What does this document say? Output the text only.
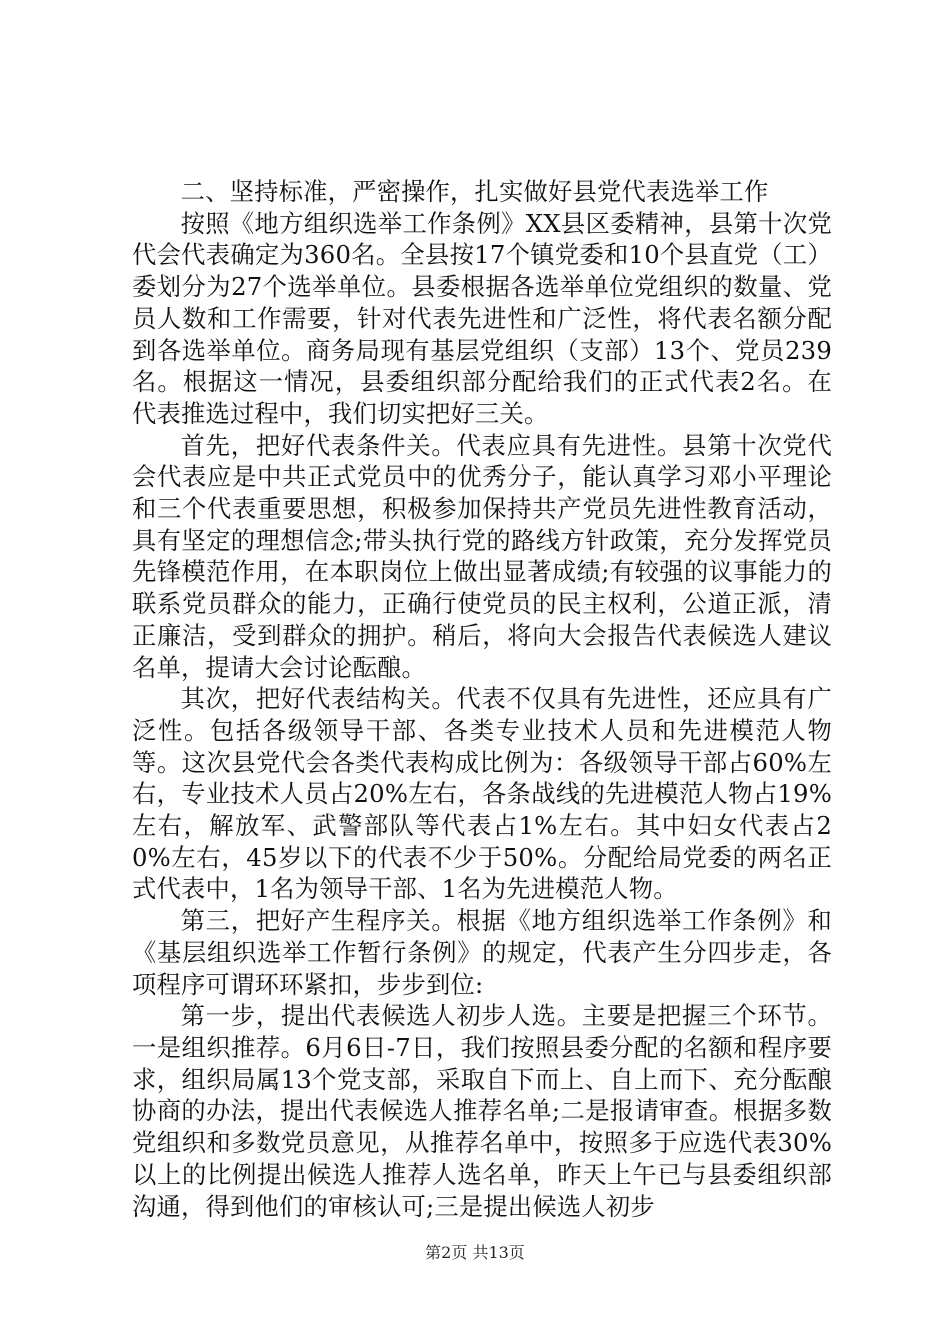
二、坚持标准，严密操作，扎实做好县党代表选举工作

按照《地方组织选举工作条例》XX县区委精神，县第十次党代会代表确定为360名。全县按17个镇党委和10个县直党（工）委划分为27个选举单位。县委根据各选举单位党组织的数量、党员人数和工作需要，针对代表先进性和广泛性，将代表名额分配到各选举单位。商务局现有基层党组织（支部）13个、党员239名。根据这一情况，县委组织部分配给我们的正式代表2名。在代表推选过程中，我们切实把好三关。

首先，把好代表条件关。代表应具有先进性。县第十次党代会代表应是中共正式党员中的优秀分子，能认真学习邓小平理论和三个代表重要思想，积极参加保持共产党员先进性教育活动，具有坚定的理想信念;带头执行党的路线方针政策，充分发挥党员先锋模范作用，在本职岗位上做出显著成绩;有较强的议事能力的联系党员群众的能力，正确行使党员的民主权利，公道正派，清正廉洁，受到群众的拥护。稍后，将向大会报告代表候选人建议名单，提请大会讨论酝酿。

其次，把好代表结构关。代表不仅具有先进性，还应具有广泛性。包括各级领导干部、各类专业技术人员和先进模范人物等。这次县党代会各类代表构成比例为：各级领导干部占60%左右，专业技术人员占20%左右，各条战线的先进模范人物占19%左右，解放军、武警部队等代表占1%左右。其中妇女代表占20%左右，45岁以下的代表不少于50%。分配给局党委的两名正式代表中，1名为领导干部、1名为先进模范人物。

第三，把好产生程序关。根据《地方组织选举工作条例》和《基层组织选举工作暂行条例》的规定，代表产生分四步走，各项程序可谓环环紧扣，步步到位:

第一步，提出代表候选人初步人选。主要是把握三个环节。一是组织推荐。6月6日-7日，我们按照县委分配的名额和程序要求，组织局属13个党支部，采取自下而上、自上而下、充分酝酿协商的办法，提出代表候选人推荐名单;二是报请审查。根据多数党组织和多数党员意见，从推荐名单中，按照多于应选代表30%以上的比例提出候选人推荐人选名单，昨天上午已与县委组织部沟通，得到他们的审核认可;三是提出候选人初步

第2页 共13页
